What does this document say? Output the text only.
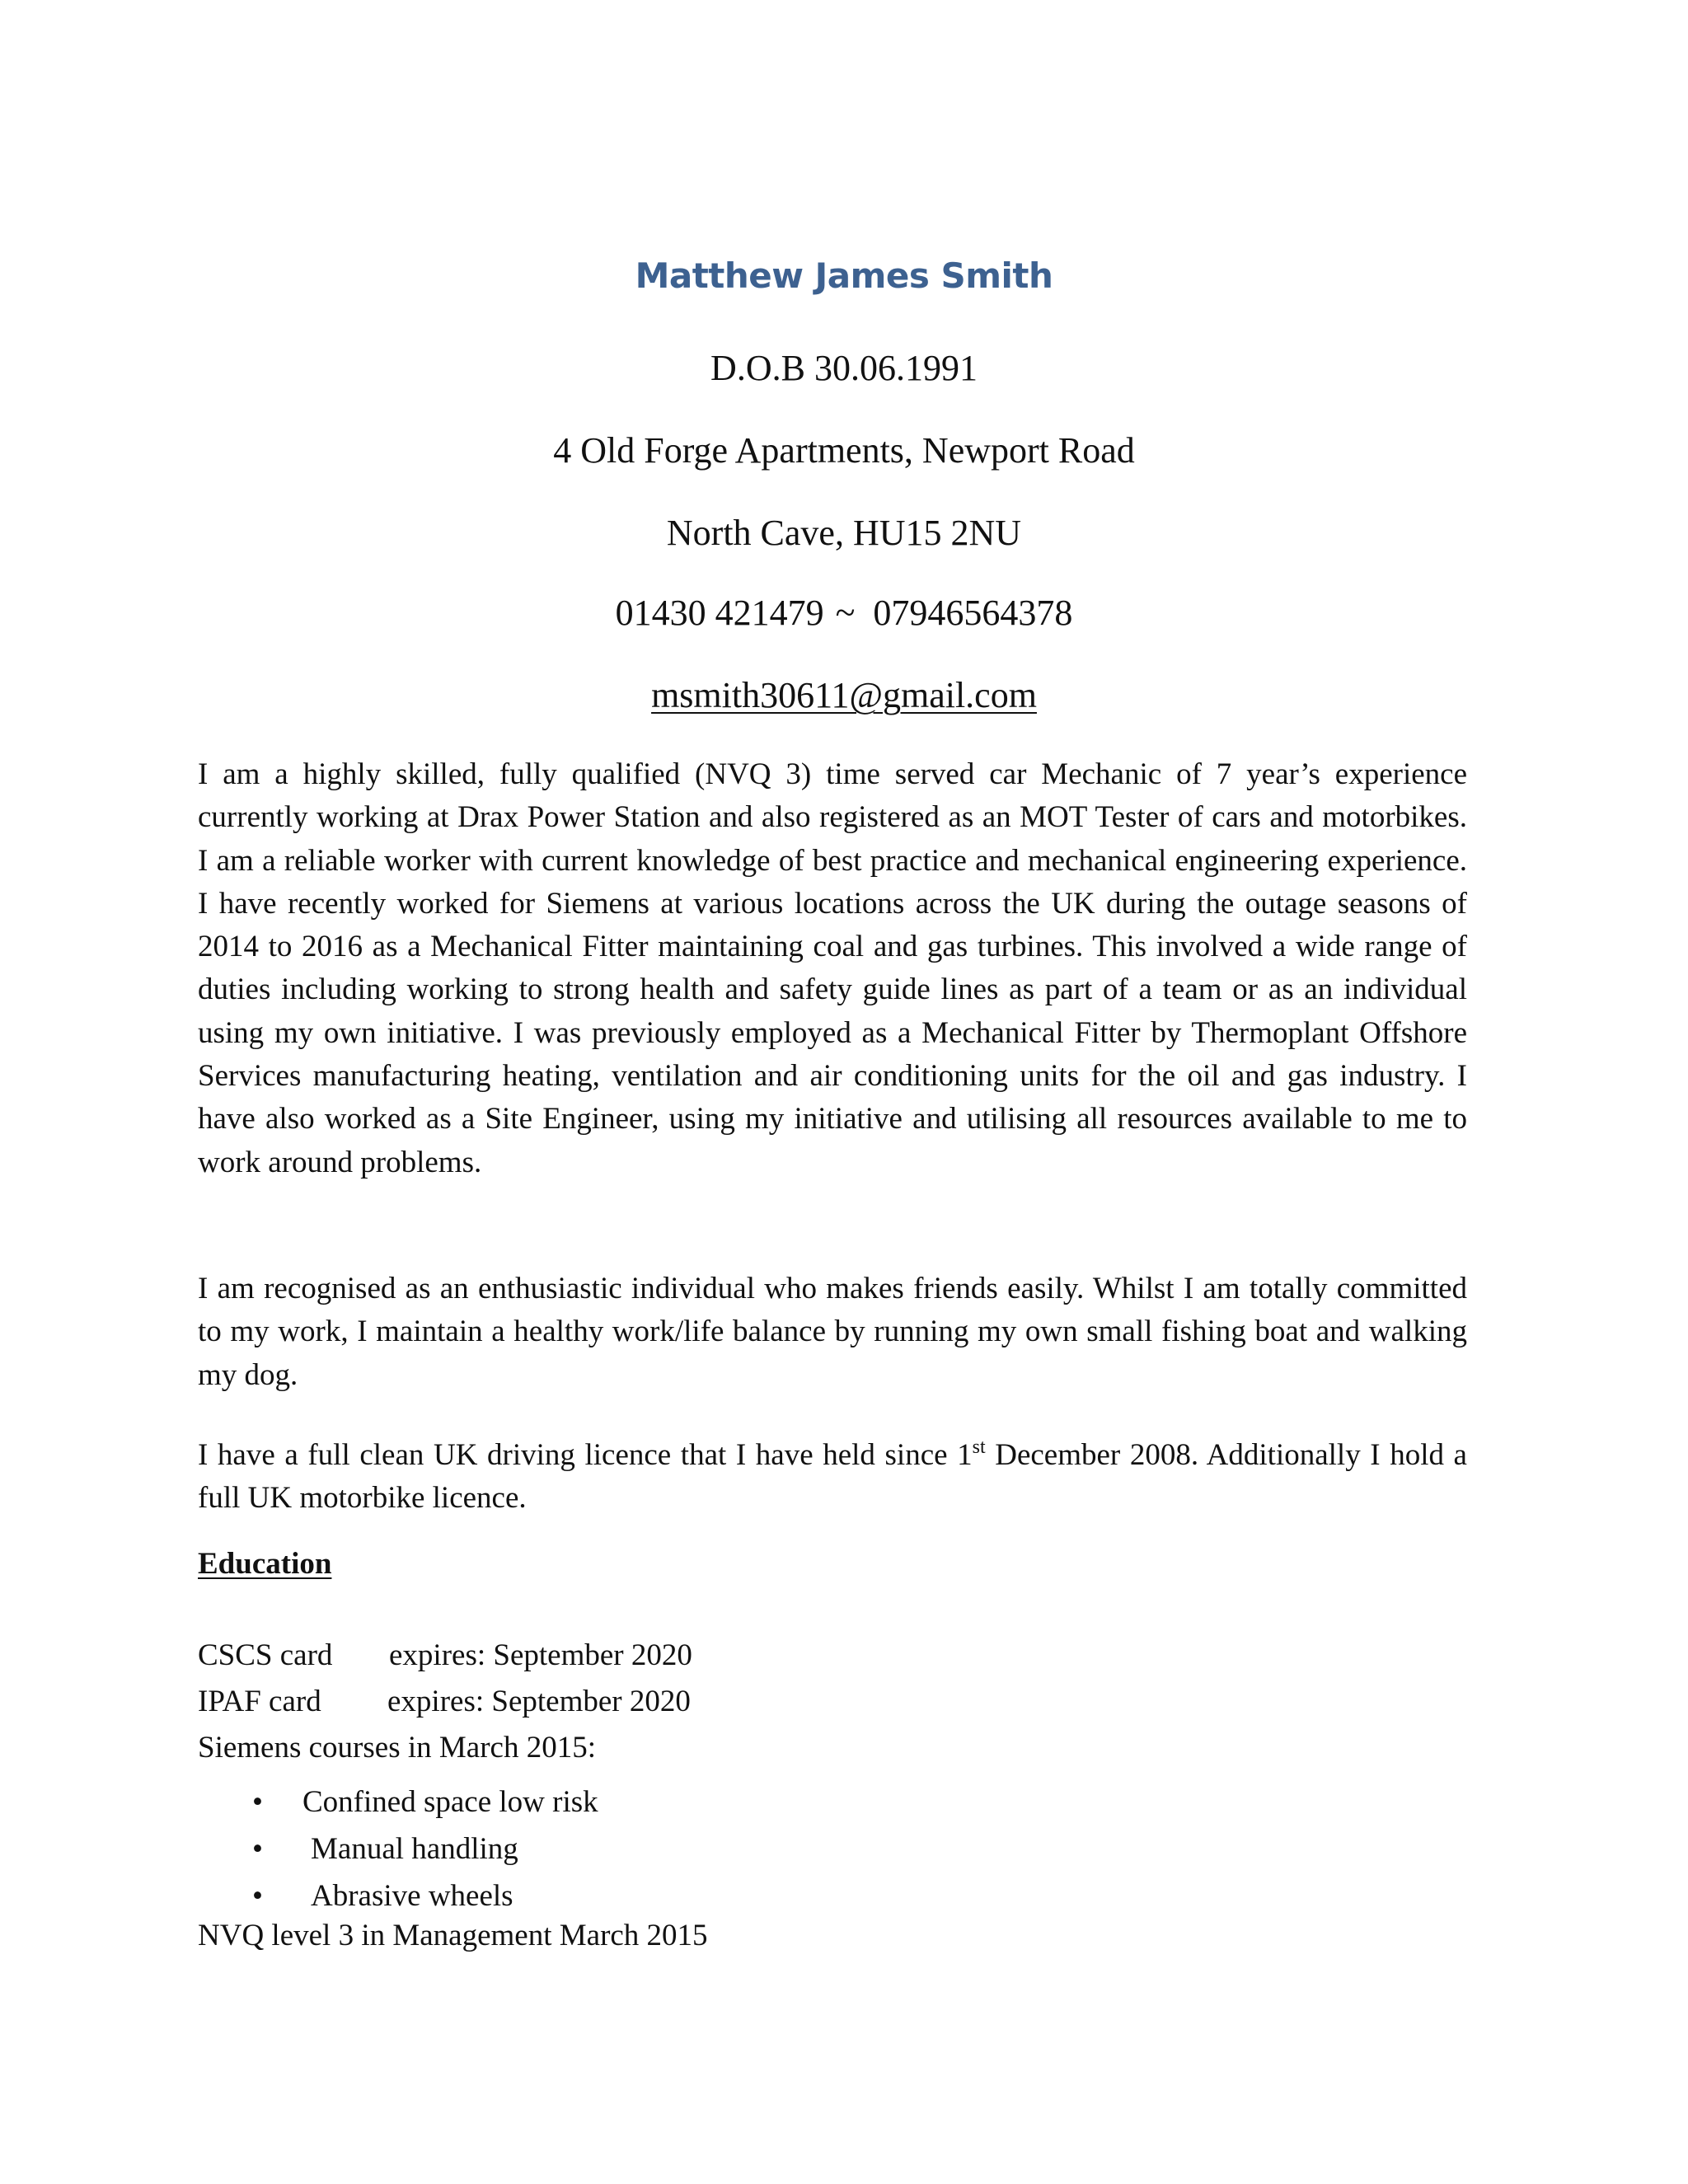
Matthew James Smith
D.O.B 30.06.1991
4 Old Forge Apartments, Newport Road
North Cave, HU15 2NU
01430 421479 ~ 07946564378
msmith30611@gmail.com

I am a highly skilled, fully qualified (NVQ 3) time served car Mechanic of 7 year’s experience currently working at Drax Power Station and also registered as an MOT Tester of cars and motorbikes. I am a reliable worker with current knowledge of best practice and mechanical engineering experience. I have recently worked for Siemens at various locations across the UK during the outage seasons of 2014 to 2016 as a Mechanical Fitter maintaining coal and gas turbines. This involved a wide range of duties including working to strong health and safety guide lines as part of a team or as an individual using my own initiative. I was previously employed as a Mechanical Fitter by Thermoplant Offshore Services manufacturing heating, ventilation and air conditioning units for the oil and gas industry. I have also worked as a Site Engineer, using my initiative and utilising all resources available to me to work around problems.

I am recognised as an enthusiastic individual who makes friends easily. Whilst I am totally committed to my work, I maintain a healthy work/life balance by running my own small fishing boat and walking my dog.

I have a full clean UK driving licence that I have held since 1st December 2008. Additionally I hold a full UK motorbike licence.

Education
CSCS card expires: September 2020
IPAF card expires: September 2020
Siemens courses in March 2015:
• Confined space low risk
• Manual handling
• Abrasive wheels
NVQ level 3 in Management March 2015
